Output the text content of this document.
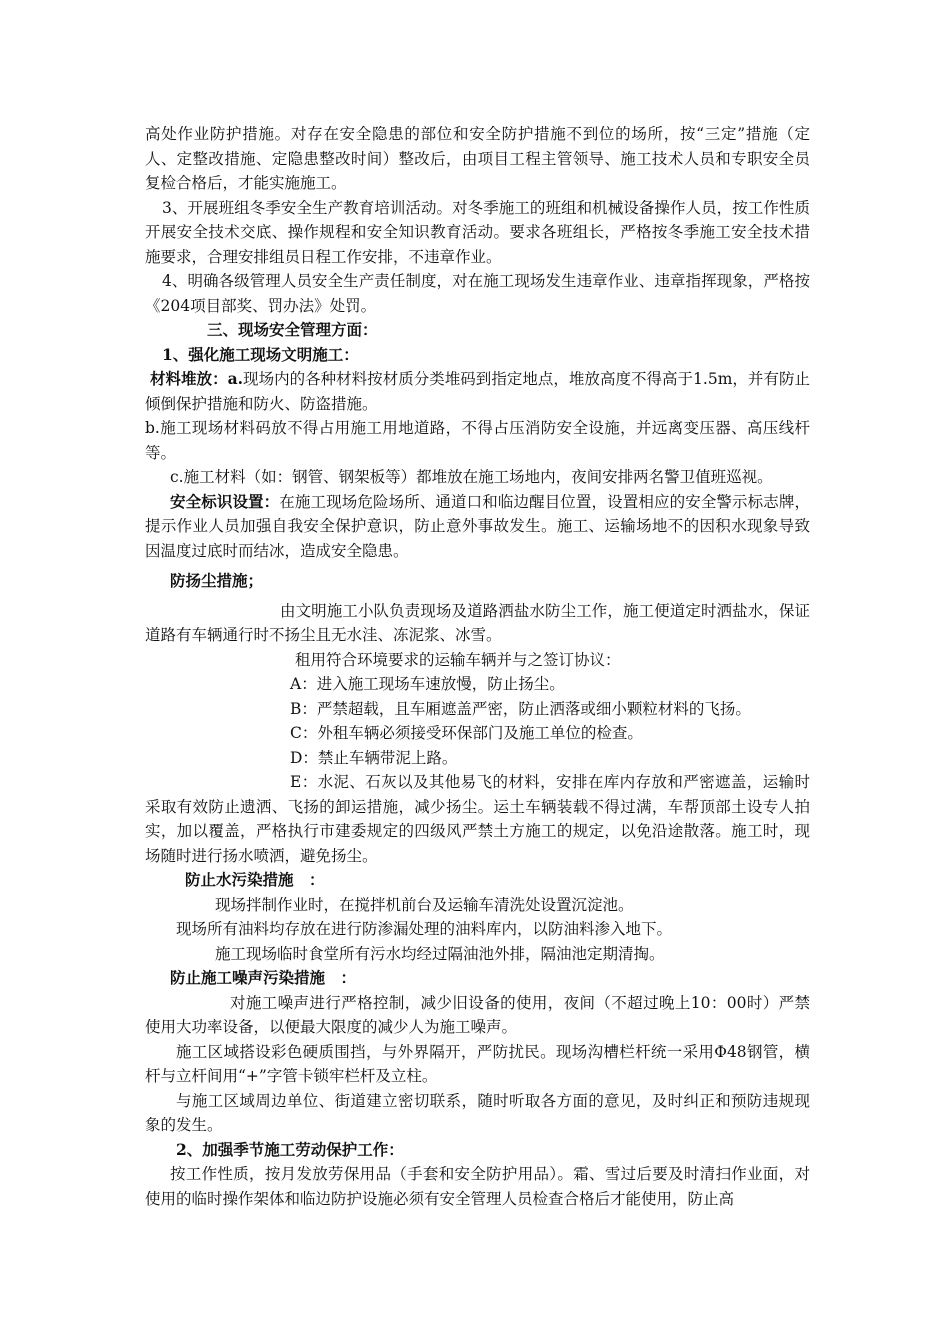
高处作业防护措施。对存在安全隐患的部位和安全防护措施不到位的场所，按“三定”措施（定人、定整改措施、定隐患整改时间）整改后，由项目工程主管领导、施工技术人员和专职安全员复检合格后，才能实施施工。

3、开展班组冬季安全生产教育培训活动。对冬季施工的班组和机械设备操作人员，按工作性质开展安全技术交底、操作规程和安全知识教育活动。要求各班组长，严格按冬季施工安全技术措施要求，合理安排组员日程工作安排，不违章作业。

4、明确各级管理人员安全生产责任制度，对在施工现场发生违章作业、违章指挥现象，严格按《204项目部奖、罚办法》处罚。

三、现场安全管理方面：

1、强化施工现场文明施工：

材料堆放：a.现场内的各种材料按材质分类堆码到指定地点，堆放高度不得高于1.5m，并有防止倾倒保护措施和防火、防盗措施。

b.施工现场材料码放不得占用施工用地道路，不得占压消防安全设施，并远离变压器、高压线杆等。

c.施工材料（如：钢管、钢架板等）都堆放在施工场地内，夜间安排两名警卫值班巡视。

安全标识设置：在施工现场危险场所、通道口和临边醒目位置，设置相应的安全警示标志牌，提示作业人员加强自我安全保护意识，防止意外事故发生。施工、运输场地不的因积水现象导致因温度过底时而结冰，造成安全隐患。

防扬尘措施；

由文明施工小队负责现场及道路洒盐水防尘工作，施工便道定时洒盐水，保证道路有车辆通行时不扬尘且无水洼、冻泥浆、冰雪。

租用符合环境要求的运输车辆并与之签订协议：

A：进入施工现场车速放慢，防止扬尘。

B：严禁超载，且车厢遮盖严密，防止洒落或细小颗粒材料的飞扬。

C：外租车辆必须接受环保部门及施工单位的检查。

D：禁止车辆带泥上路。

E：水泥、石灰以及其他易飞的材料，安排在库内存放和严密遮盖，运输时采取有效防止遗洒、飞扬的卸运措施，减少扬尘。运土车辆装载不得过满，车帮顶部土设专人拍实，加以覆盖，严格执行市建委规定的四级风严禁土方施工的规定，以免沿途散落。施工时，现场随时进行扬水喷洒，避免扬尘。

防止水污染措施　：

现场拌制作业时，在搅拌机前台及运输车清洗处设置沉淀池。

现场所有油料均存放在进行防渗漏处理的油料库内，以防油料渗入地下。

施工现场临时食堂所有污水均经过隔油池外排，隔油池定期清掏。

防止施工噪声污染措施　：

对施工噪声进行严格控制，减少旧设备的使用，夜间（不超过晚上10：00时）严禁使用大功率设备，以便最大限度的减少人为施工噪声。

施工区域搭设彩色硬质围挡，与外界隔开，严防扰民。现场沟槽栏杆统一采用Φ48钢管，横杆与立杆间用“+”字管卡锁牢栏杆及立柱。

与施工区域周边单位、街道建立密切联系，随时听取各方面的意见，及时纠正和预防违规现象的发生。

2、加强季节施工劳动保护工作：

按工作性质，按月发放劳保用品（手套和安全防护用品）。霜、雪过后要及时清扫作业面，对使用的临时操作架体和临边防护设施必须有安全管理人员检查合格后才能使用，防止高
